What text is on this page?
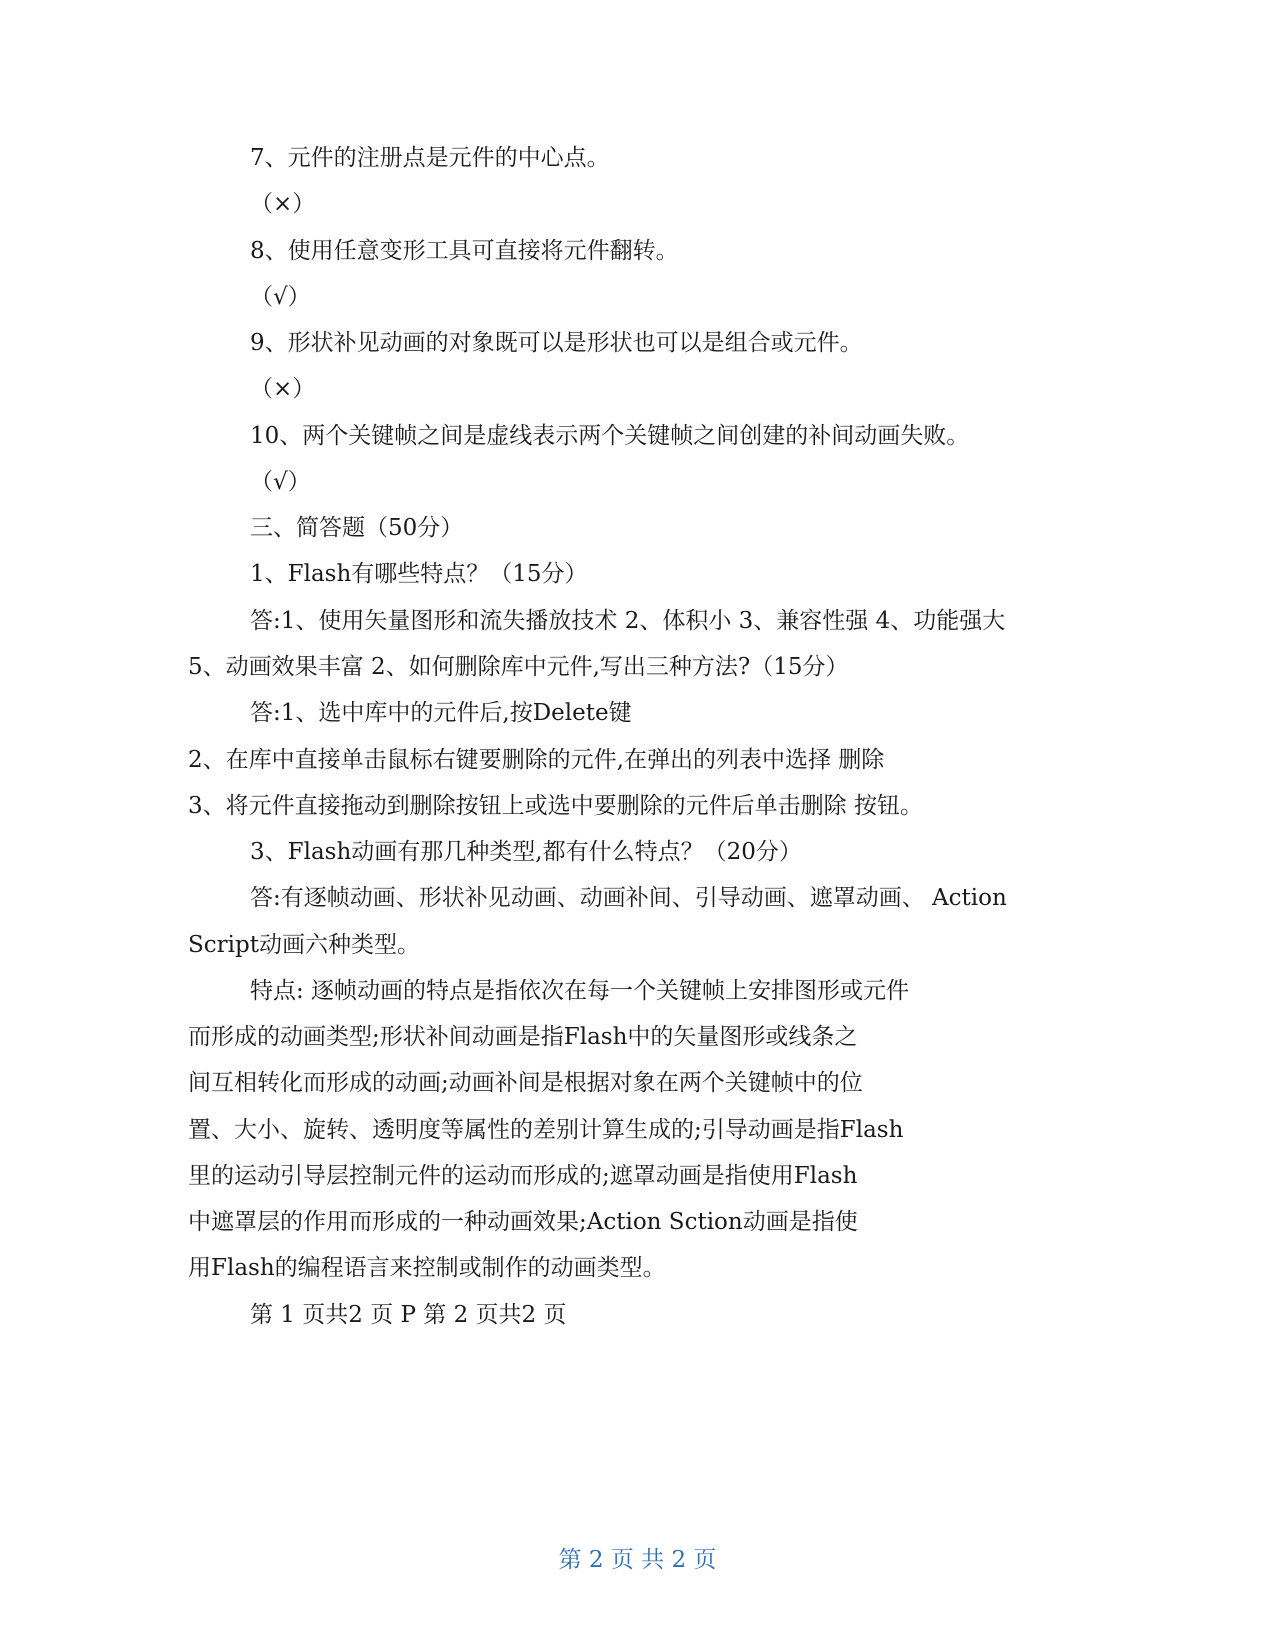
7、元件的注册点是元件的中心点。
（×）
8、使用任意变形工具可直接将元件翻转。
（√）
9、形状补见动画的对象既可以是形状也可以是组合或元件。
（×）
10、两个关键帧之间是虚线表示两个关键帧之间创建的补间动画失败。
（√）
三、简答题（50分）
1、Flash有哪些特点？（15分）
答:1、使用矢量图形和流失播放技术 2、体积小 3、兼容性强 4、功能强大
5、动画效果丰富 2、如何删除库中元件,写出三种方法?（15分）
答:1、选中库中的元件后,按Delete键
2、在库中直接单击鼠标右键要删除的元件,在弹出的列表中选择 删除
3、将元件直接拖动到删除按钮上或选中要删除的元件后单击删除 按钮。
3、Flash动画有那几种类型,都有什么特点？（20分）
答:有逐帧动画、形状补见动画、动画补间、引导动画、遮罩动画、 Action
Script动画六种类型。
特点: 逐帧动画的特点是指依次在每一个关键帧上安排图形或元件
而形成的动画类型;形状补间动画是指Flash中的矢量图形或线条之
间互相转化而形成的动画;动画补间是根据对象在两个关键帧中的位
置、大小、旋转、透明度等属性的差别计算生成的;引导动画是指Flash
里的运动引导层控制元件的运动而形成的;遮罩动画是指使用Flash
中遮罩层的作用而形成的一种动画效果;Action Sction动画是指使
用Flash的编程语言来控制或制作的动画类型。
第 1 页共2 页 P 第 2 页共2 页
第 2 页 共 2 页
